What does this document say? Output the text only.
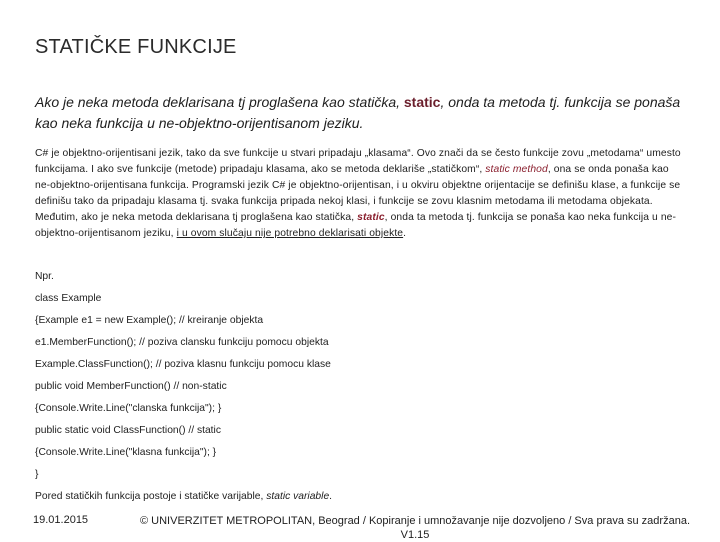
STATIČKE FUNKCIJE
Ako je neka metoda deklarisana tj proglašena kao statička, static, onda ta metoda tj. funkcija se ponaša kao neka funkcija u ne-objektno-orijentisanom jeziku.
C# je objektno-orijentisani jezik, tako da sve funkcije u stvari pripadaju „klasama“. Ovo znači da se često funkcije zovu „metodama“ umesto funkcijama. I ako sve funkcije (metode) pripadaju klasama, ako se metoda deklariše „statičkom“, static method, ona se onda ponaša kao ne-objektno-orijentisana funkcija. Programski jezik C# je objektno-orijentisan, i u okviru objektne orijentacije se definišu klase, a funkcije se definišu tako da pripadaju klasama tj. svaka funkcija pripada nekoj klasi, i funkcije se zovu klasnim metodama ili metodama objekata. Međutim, ako je neka metoda deklarisana tj proglašena kao statička, static, onda ta metoda tj. funkcija se ponaša kao neka funkcija u ne-objektno-orijentisanom jeziku, i u ovom slučaju nije potrebno deklarisati objekte.
Npr.
class Example
{Example e1 = new Example(); // kreiranje objekta
e1.MemberFunction(); // poziva clansku funkciju pomocu objekta
Example.ClassFunction(); // poziva klasnu funkciju pomocu klase
public void MemberFunction() // non-static
{Console.Write.Line("clanska funkcija"); }
public static void ClassFunction() // static
{Console.Write.Line("klasna funkcija"); }
}
Pored statičkih funkcija postoje i statičke varijable, static variable.
19.01.2015	© UNIVERZITET METROPOLITAN, Beograd / Kopiranje i umnožavanje nije dozvoljeno / Sva prava su zadržana. V1.15
